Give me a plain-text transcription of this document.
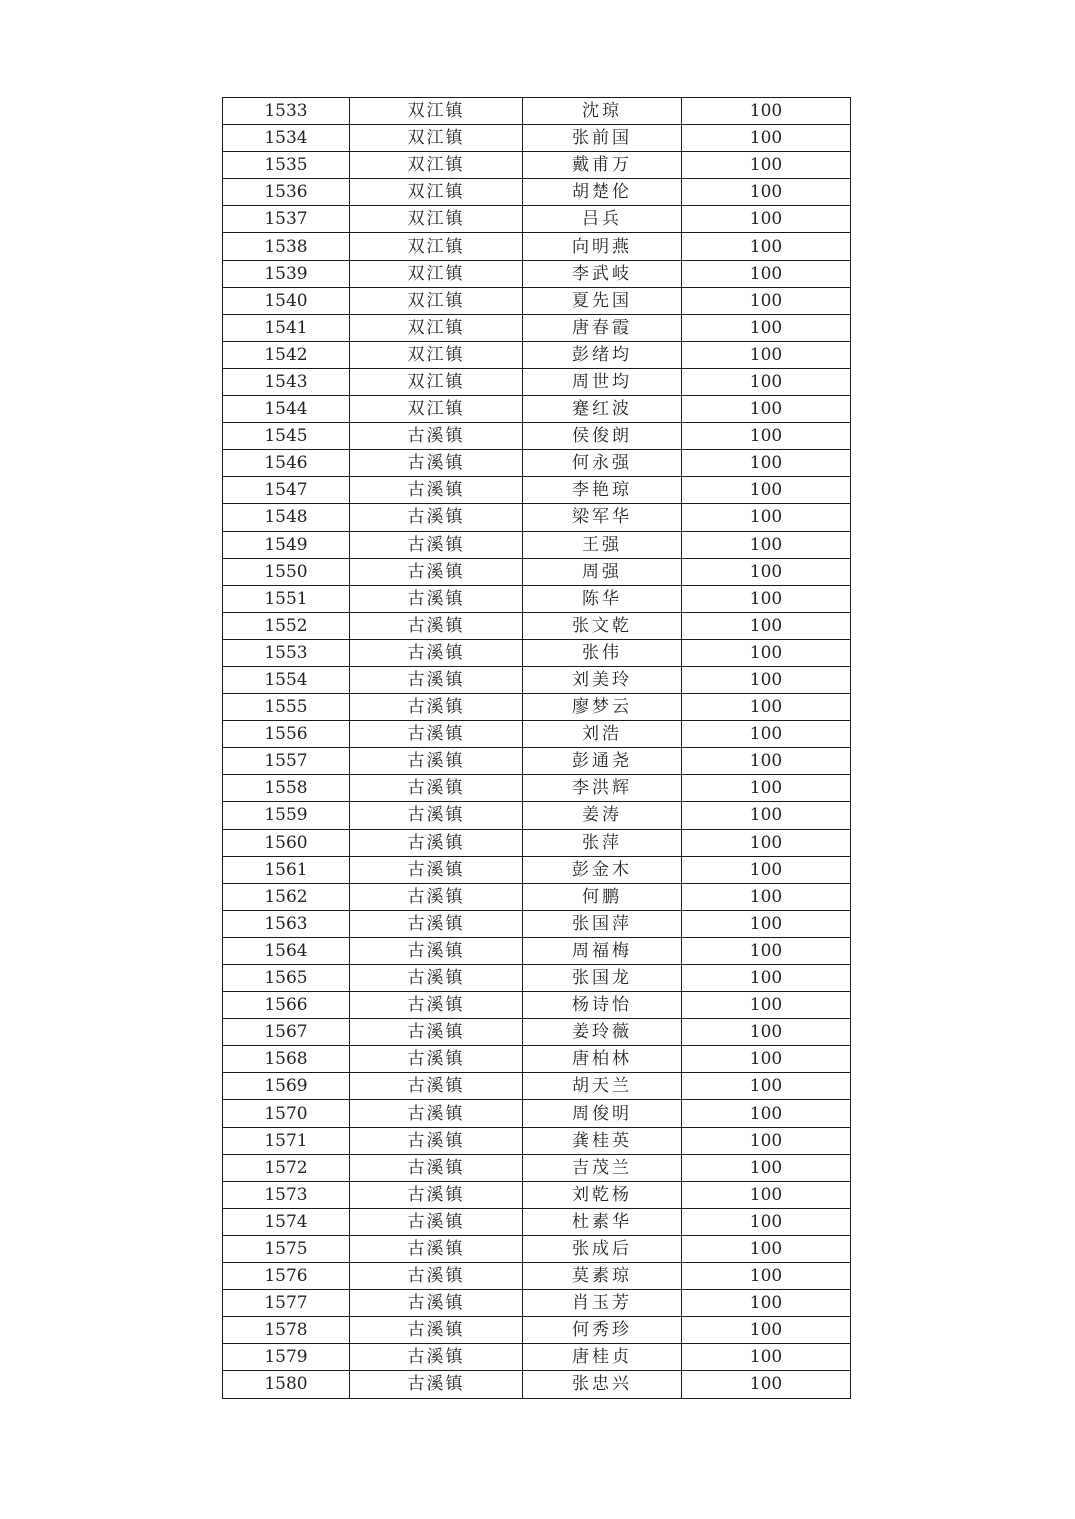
1533	双江镇	沈琼	100
1534	双江镇	张前国	100
1535	双江镇	戴甫万	100
1536	双江镇	胡楚伦	100
1537	双江镇	吕兵	100
1538	双江镇	向明燕	100
1539	双江镇	李武岐	100
1540	双江镇	夏先国	100
1541	双江镇	唐春霞	100
1542	双江镇	彭绪均	100
1543	双江镇	周世均	100
1544	双江镇	蹇红波	100
1545	古溪镇	侯俊朗	100
1546	古溪镇	何永强	100
1547	古溪镇	李艳琼	100
1548	古溪镇	梁军华	100
1549	古溪镇	王强	100
1550	古溪镇	周强	100
1551	古溪镇	陈华	100
1552	古溪镇	张文乾	100
1553	古溪镇	张伟	100
1554	古溪镇	刘美玲	100
1555	古溪镇	廖梦云	100
1556	古溪镇	刘浩	100
1557	古溪镇	彭通尧	100
1558	古溪镇	李洪辉	100
1559	古溪镇	姜涛	100
1560	古溪镇	张萍	100
1561	古溪镇	彭金木	100
1562	古溪镇	何鹏	100
1563	古溪镇	张国萍	100
1564	古溪镇	周福梅	100
1565	古溪镇	张国龙	100
1566	古溪镇	杨诗怡	100
1567	古溪镇	姜玲薇	100
1568	古溪镇	唐柏林	100
1569	古溪镇	胡天兰	100
1570	古溪镇	周俊明	100
1571	古溪镇	龚桂英	100
1572	古溪镇	吉茂兰	100
1573	古溪镇	刘乾杨	100
1574	古溪镇	杜素华	100
1575	古溪镇	张成后	100
1576	古溪镇	莫素琼	100
1577	古溪镇	肖玉芳	100
1578	古溪镇	何秀珍	100
1579	古溪镇	唐桂贞	100
1580	古溪镇	张忠兴	100
